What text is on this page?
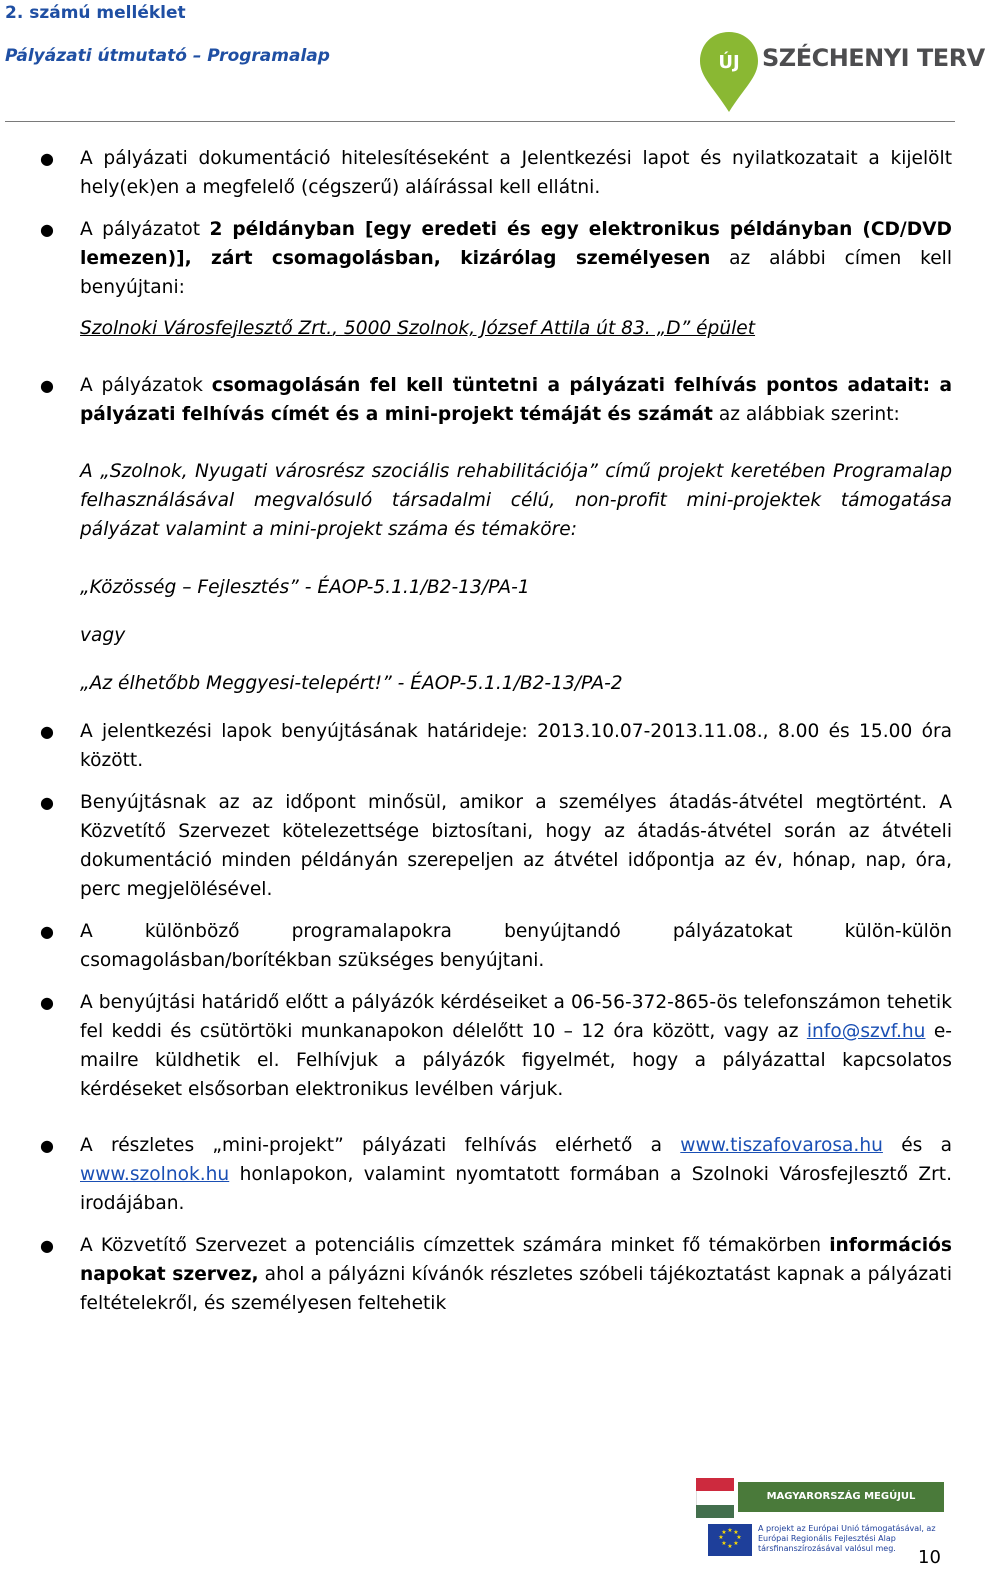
2. számú melléklet
Pályázati útmutató – Programalap	ÚJ SZÉCHENYI TERV
● A pályázati dokumentáció hitelesítéseként a Jelentkezési lapot és nyilatkozatait a kijelölt hely(ek)en a megfelelő (cégszerű) aláírással kell ellátni.
● A pályázatot 2 példányban [egy eredeti és egy elektronikus példányban (CD/DVD lemezen)], zárt csomagolásban, kizárólag személyesen az alábbi címen kell benyújtani:
Szolnoki Városfejlesztő Zrt., 5000 Szolnok, József Attila út 83. „D” épület
● A pályázatok csomagolásán fel kell tüntetni a pályázati felhívás pontos adatait: a pályázati felhívás címét és a mini-projekt témáját és számát az alábbiak szerint:
A „Szolnok, Nyugati városrész szociális rehabilitációja” című projekt keretében Programalap felhasználásával megvalósuló társadalmi célú, non-profit mini-projektek támogatása pályázat valamint a mini-projekt száma és témaköre:
„Közösség – Fejlesztés” - ÉAOP-5.1.1/B2-13/PA-1
vagy
„Az élhetőbb Meggyesi-telepért!” - ÉAOP-5.1.1/B2-13/PA-2
● A jelentkezési lapok benyújtásának határideje: 2013.10.07-2013.11.08., 8.00 és 15.00 óra között.
● Benyújtásnak az az időpont minősül, amikor a személyes átadás-átvétel megtörtént. A Közvetítő Szervezet kötelezettsége biztosítani, hogy az átadás-átvétel során az átvételi dokumentáció minden példányán szerepeljen az átvétel időpontja az év, hónap, nap, óra, perc megjelölésével.
● A különböző programalapokra benyújtandó pályázatokat külön-külön csomagolásban/borítékban szükséges benyújtani.
● A benyújtási határidő előtt a pályázók kérdéseiket a 06-56-372-865-ös telefonszámon tehetik fel keddi és csütörtöki munkanapokon délelőtt 10 – 12 óra között, vagy az info@szvf.hu e-mailre küldhetik el. Felhívjuk a pályázók figyelmét, hogy a pályázattal kapcsolatos kérdéseket elsősorban elektronikus levélben várjuk.
● A részletes „mini-projekt” pályázati felhívás elérhető a www.tiszafovarosa.hu és a www.szolnok.hu honlapokon, valamint nyomtatott formában a Szolnoki Városfejlesztő Zrt. irodájában.
● A Közvetítő Szervezet a potenciális címzettek számára minket fő témakörben információs napokat szervez, ahol a pályázni kívánók részletes szóbeli tájékoztatást kapnak a pályázati feltételekről, és személyesen feltehetik
MAGYARORSZÁG MEGÚJUL
★ ★
★
★
★
★
★
★	A projekt az Európai Unió támogatásával, az Európai Regionális Fejlesztési Alap társfinanszírozásával valósul meg.	10
